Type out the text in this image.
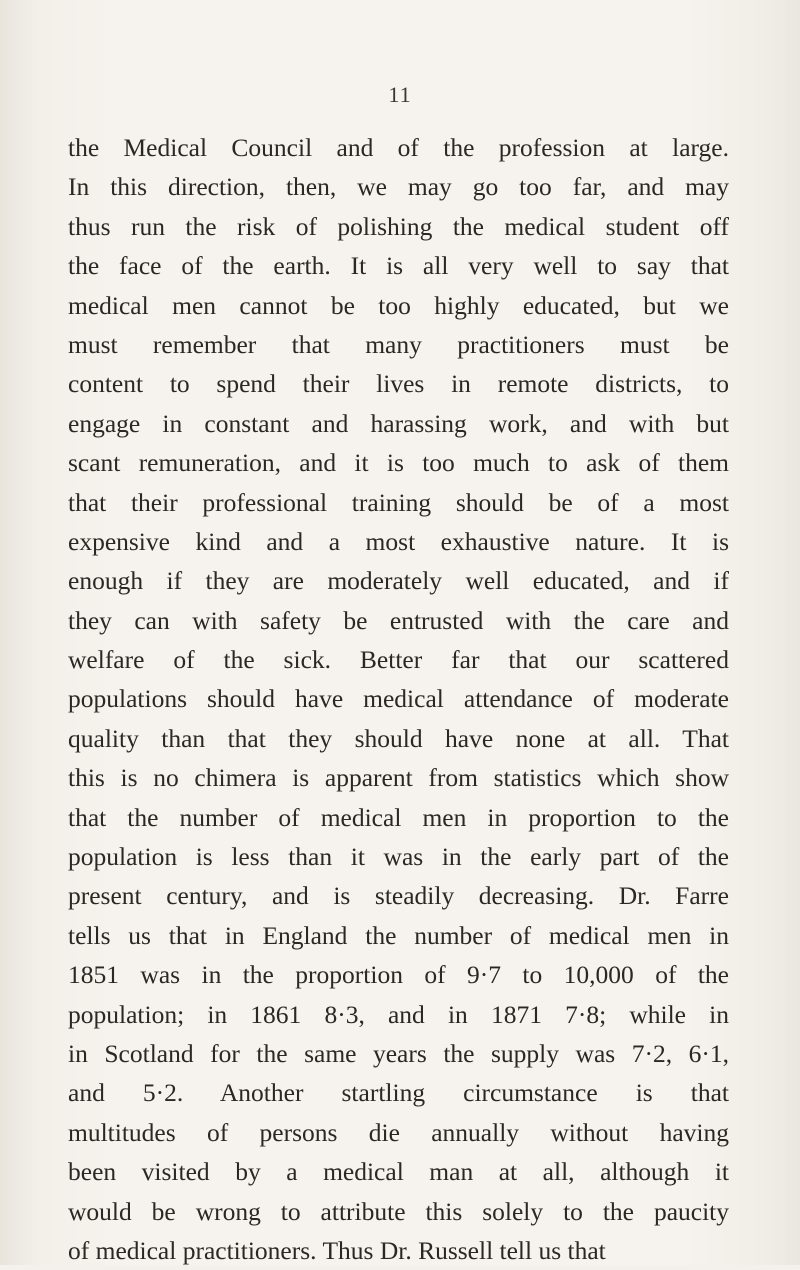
11
the Medical Council and of the profession at large.
In this direction, then, we may go too far, and may
thus run the risk of polishing the medical student off
the face of the earth. It is all very well to say that
medical men cannot be too highly educated, but we
must remember that many practitioners must be
content to spend their lives in remote districts, to
engage in constant and harassing work, and with but
scant remuneration, and it is too much to ask of them
that their professional training should be of a most
expensive kind and a most exhaustive nature. It is
enough if they are moderately well educated, and if
they can with safety be entrusted with the care and
welfare of the sick. Better far that our scattered
populations should have medical attendance of moderate
quality than that they should have none at all. That
this is no chimera is apparent from statistics which show
that the number of medical men in proportion to the
population is less than it was in the early part of the
present century, and is steadily decreasing. Dr. Farre
tells us that in England the number of medical men in
1851 was in the proportion of 9·7 to 10,000 of the
population; in 1861 8·3, and in 1871 7·8; while in
in Scotland for the same years the supply was 7·2, 6·1,
and 5·2. Another startling circumstance is that
multitudes of persons die annually without having
been visited by a medical man at all, although it
would be wrong to attribute this solely to the paucity
of medical practitioners. Thus Dr. Russell tell us that
